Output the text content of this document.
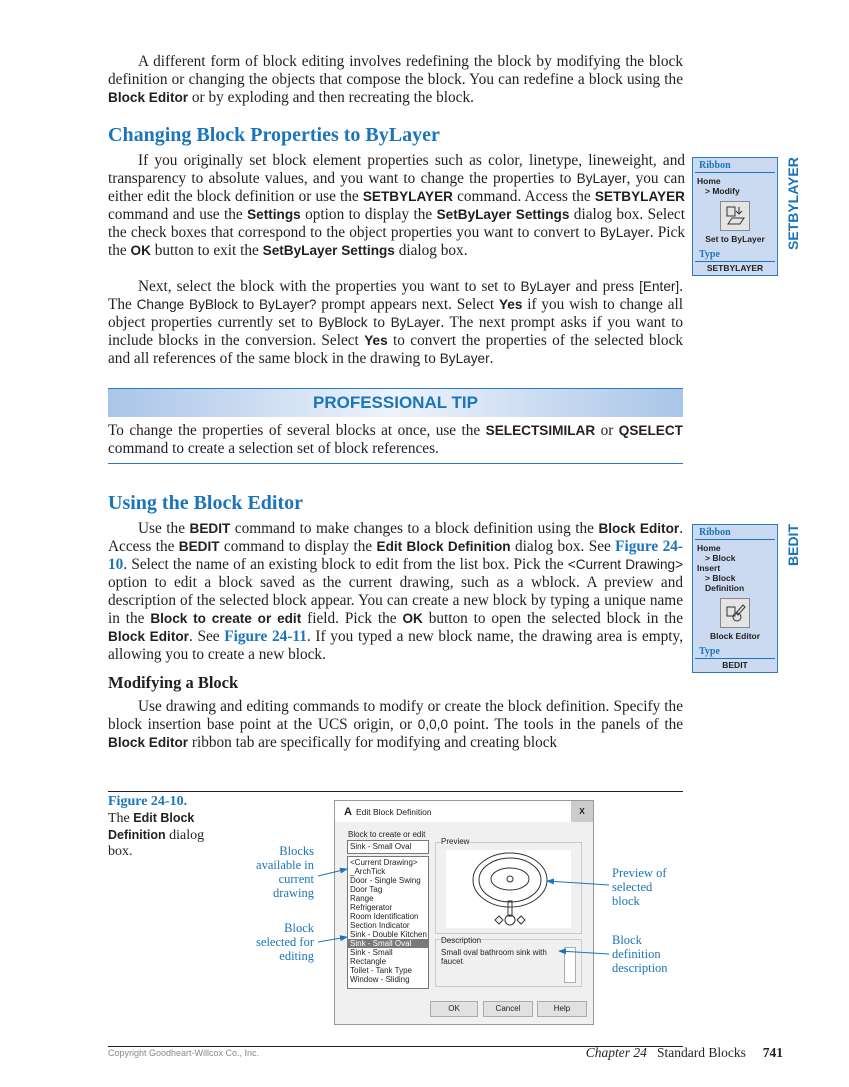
A different form of block editing involves redefining the block by modifying the block definition or changing the objects that compose the block. You can redefine a block using the Block Editor or by exploding and then recreating the block.

Changing Block Properties to ByLayer

If you originally set block element properties such as color, linetype, lineweight, and transparency to absolute values, and you want to change the properties to ByLayer, you can either edit the block definition or use the SETBYLAYER command. Access the SETBYLAYER command and use the Settings option to display the SetByLayer Settings dialog box. Select the check boxes that correspond to the object properties you want to convert to ByLayer. Pick the OK button to exit the SetByLayer Settings dialog box.

Next, select the block with the properties you want to set to ByLayer and press [Enter]. The Change ByBlock to ByLayer? prompt appears next. Select Yes if you wish to change all object properties currently set to ByBlock to ByLayer. The next prompt asks if you want to include blocks in the conversion. Select Yes to convert the properties of the selected block and all references of the same block in the drawing to ByLayer.

Ribbon
Home
> Modify
Set to ByLayer
Type
SETBYLAYER
SETBYLAYER
PROFESSIONAL TIP

To change the properties of several blocks at once, use the SELECTSIMILAR or QSELECT command to create a selection set of block references.

Using the Block Editor

Use the BEDIT command to make changes to a block definition using the Block Editor. Access the BEDIT command to display the Edit Block Definition dialog box. See Figure 24-10. Select the name of an existing block to edit from the list box. Pick the <Current Drawing> option to edit a block saved as the current drawing, such as a wblock. A preview and description of the selected block appear. You can create a new block by typing a unique name in the Block to create or edit field. Pick the OK button to open the selected block in the Block Editor. See Figure 24-11. If you typed a new block name, the drawing area is empty, allowing you to create a new block.

Ribbon
Home
> Block
Insert
> Block Definition
Block Editor
Type
BEDIT
BEDIT
Modifying a Block

Use drawing and editing commands to modify or create the block definition. Specify the block insertion base point at the UCS origin, or 0,0,0 point. The tools in the panels of the Block Editor ribbon tab are specifically for modifying and creating block

Figure 24-10.
The Edit Block Definition dialog box.	Blocks available in current drawing
Block selected for editing
Preview of selected block
Block definition description
A Edit Block Definition	X
Block to create or edit
Sink - Small Oval
<Current Drawing>
_ArchTick
Door - Single Swing
Door Tag
Range
Refrigerator
Room Identification
Section Indicator
Sink - Double Kitchen
Sink - Small Oval
Sink - Small Rectangle
Toilet - Tank Type
Window - Sliding
Preview
Description
Small oval bathroom sink with faucet
OK	Cancel	Help
Copyright Goodheart-Willcox Co., Inc.	Chapter 24 Standard Blocks 741
